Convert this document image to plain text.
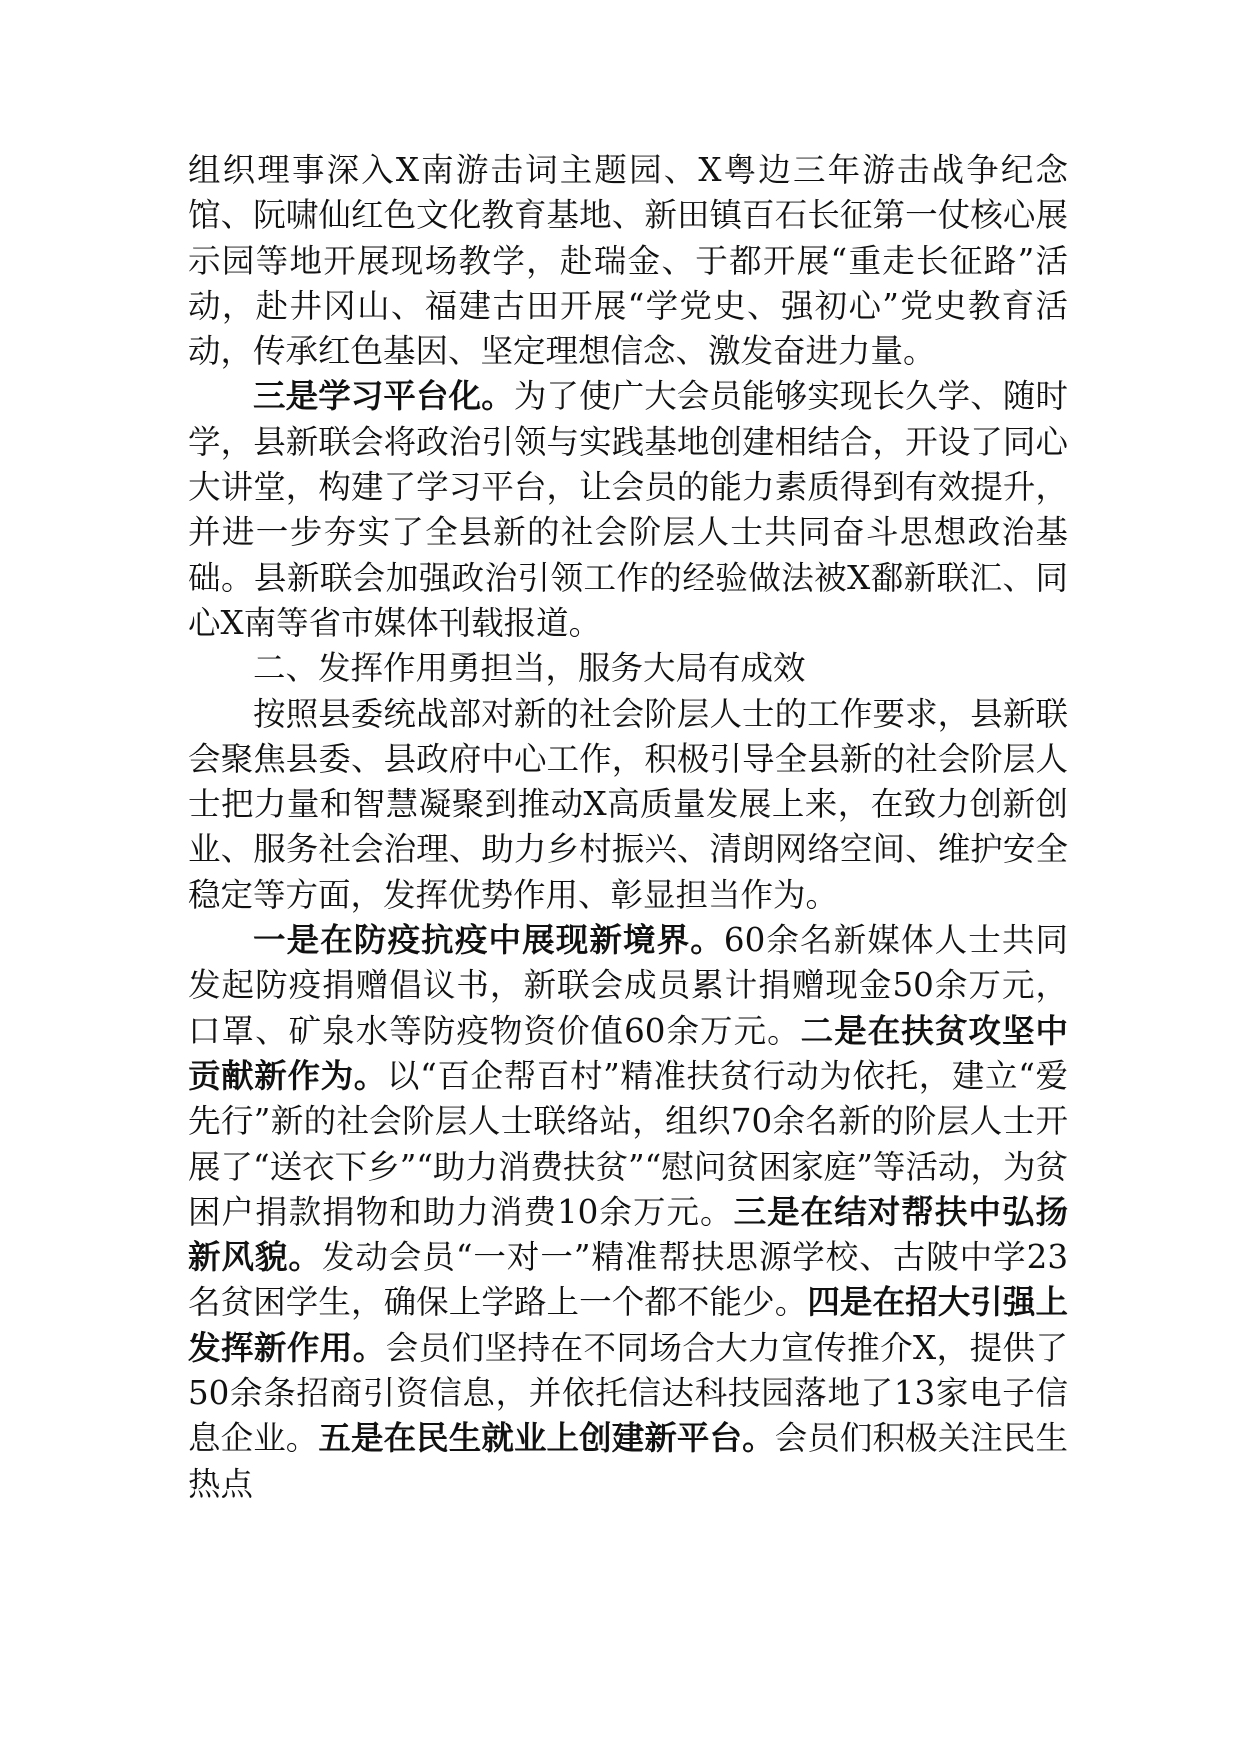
组织理事深入X南游击词主题园、X粤边三年游击战争纪念馆、阮啸仙红色文化教育基地、新田镇百石长征第一仗核心展示园等地开展现场教学，赴瑞金、于都开展“重走长征路”活动，赴井冈山、福建古田开展“学党史、强初心”党史教育活动，传承红色基因、坚定理想信念、激发奋进力量。

三是学习平台化。为了使广大会员能够实现长久学、随时学，县新联会将政治引领与实践基地创建相结合，开设了同心大讲堂，构建了学习平台，让会员的能力素质得到有效提升，并进一步夯实了全县新的社会阶层人士共同奋斗思想政治基础。县新联会加强政治引领工作的经验做法被X鄱新联汇、同心X南等省市媒体刊载报道。

二、发挥作用勇担当，服务大局有成效

按照县委统战部对新的社会阶层人士的工作要求，县新联会聚焦县委、县政府中心工作，积极引导全县新的社会阶层人士把力量和智慧凝聚到推动X高质量发展上来，在致力创新创业、服务社会治理、助力乡村振兴、清朗网络空间、维护安全稳定等方面，发挥优势作用、彰显担当作为。

一是在防疫抗疫中展现新境界。60余名新媒体人士共同发起防疫捐赠倡议书，新联会成员累计捐赠现金50余万元，口罩、矿泉水等防疫物资价值60余万元。二是在扶贫攻坚中贡献新作为。以“百企帮百村”精准扶贫行动为依托，建立“爱先行”新的社会阶层人士联络站，组织70余名新的阶层人士开展了“送衣下乡”“助力消费扶贫”“慰问贫困家庭”等活动，为贫困户捐款捐物和助力消费10余万元。三是在结对帮扶中弘扬新风貌。发动会员“一对一”精准帮扶思源学校、古陂中学23名贫困学生，确保上学路上一个都不能少。四是在招大引强上发挥新作用。会员们坚持在不同场合大力宣传推介X，提供了50余条招商引资信息，并依托信达科技园落地了13家电子信息企业。五是在民生就业上创建新平台。会员们积极关注民生热点
